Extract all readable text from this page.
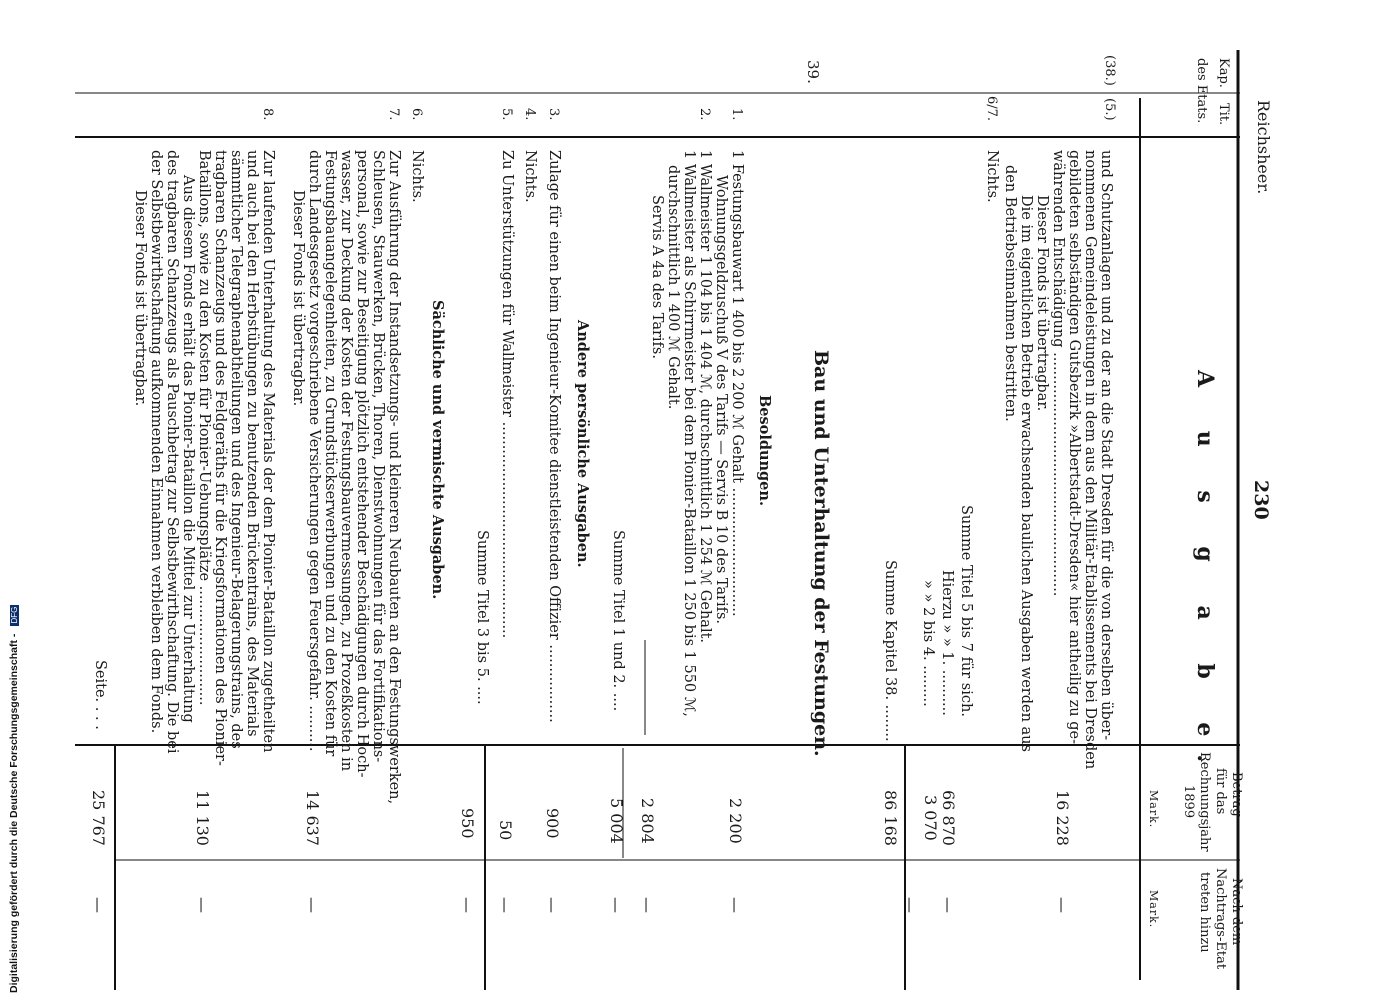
Reichsheer.
230
Kap.
des Etats. Tit.
A u s g a b e.
Betrag
für das
Rechnungsjahr
1899
Mark.
Nach dem
Nachtrags-Etat
treten hinzu
Mark.
(38.)
(5.)
und Schutzanlagen und zu der an die Stadt Dresden für die von derselben über-
nommenen Gemeindeleistungen in dem aus den Militär-Etablissements bei Dresden
gebildeten selbständigen Gutsbezirk »Albertstadt-Dresden« hier antheilig zu ge-
währenden Entschädigung .....................................................
Dieser Fonds ist übertragbar.
Die im eigentlichen Betrieb erwachsenden baulichen Ausgaben werden aus
den Betriebseinnahmen bestritten.
16 228
—
6/7.
Nichts.
Summe Titel 5 bis 7 für sich.
66 870
Hierzu » » 1. ..........
3 070
» » 2 bis 4. .........
86 168
Summe Kapitel 38. ........
—
—
39.
Bau und Unterhaltung der Festungen.
Besoldungen.
1.
1 Festungsbauwart 1 400 bis 2 200 ℳ Gehalt ............................
Wohnungsgeldzuschuß V des Tarifs — Servis B 10 des Tarifs.
1 Wallmeister 1 104 bis 1 404 ℳ, durchschnittlich 1 254 ℳ Gehalt.
1 Wallmeister als Schirrmeister bei dem Pionier-Bataillon 1 250 bis 1 550 ℳ,
durchschnittlich 1 400 ℳ Gehalt.
Servis A 4a des Tarifs.
2 200
—
2.
2 804
—
Summe Titel 1 und 2. ....
5 004
—
Andere persönliche Ausgaben.
3.
Zulage für einen beim Ingenieur-Komitee dienstleistenden Offizier .................
900
—
4.
Nichts.
5.
Zu Unterstützungen für Wallmeister ...............................................
50
—
Summe Titel 3 bis 5. ....
950
—
Sächliche und vermischte Ausgaben.
6.
Nichts.
7.
Zur Ausführung der Instandsetzungs- und kleineren Neubauten an den Festungswerken,
Schleusen, Stauwerken, Brücken, Thoren, Dienstwohnungen für das Fortifikations-
personal, sowie zur Beseitigung plötzlich entstehender Beschädigungen durch Hoch-
wasser, zur Deckung der Kosten der Festungsbauvermessungen, zu Prozeßkosten in
Festungsbauangelegenheiten, zu Grundstückserwerbungen und zu den Kosten für
durch Landesgesetz vorgeschriebene Versicherungen gegen Feuersgefahr. ..........
Dieser Fonds ist übertragbar.
14 637
—
8.
Zur laufenden Unterhaltung des Materials der dem Pionier-Bataillon zugetheilten
und auch bei den Herbstübungen zu benutzenden Brückentrains, des Materials
sämmtlicher Telegraphenabtheilungen und des Ingenieur-Belagerungstrains, des
tragbaren Schanzzeugs und des Feldgeräths für die Kriegsformationen des Pionier-
Bataillons, sowie zu den Kosten für Pionier-Uebungsplätze ..........................
Aus diesem Fonds erhält das Pionier-Bataillon die Mittel zur Unterhaltung
des tragbaren Schanzzeugs als Pauschbetrag zur Selbstbewirthschaftung. Die bei
der Selbstbewirthschaftung aufkommenden Einnahmen verbleiben dem Fonds.
Dieser Fonds ist übertragbar.
11 130
—
Seite. . . .
25 767
—
Digitalisierung gefördert durch die Deutsche Forschungsgemeinschaft - DFG
